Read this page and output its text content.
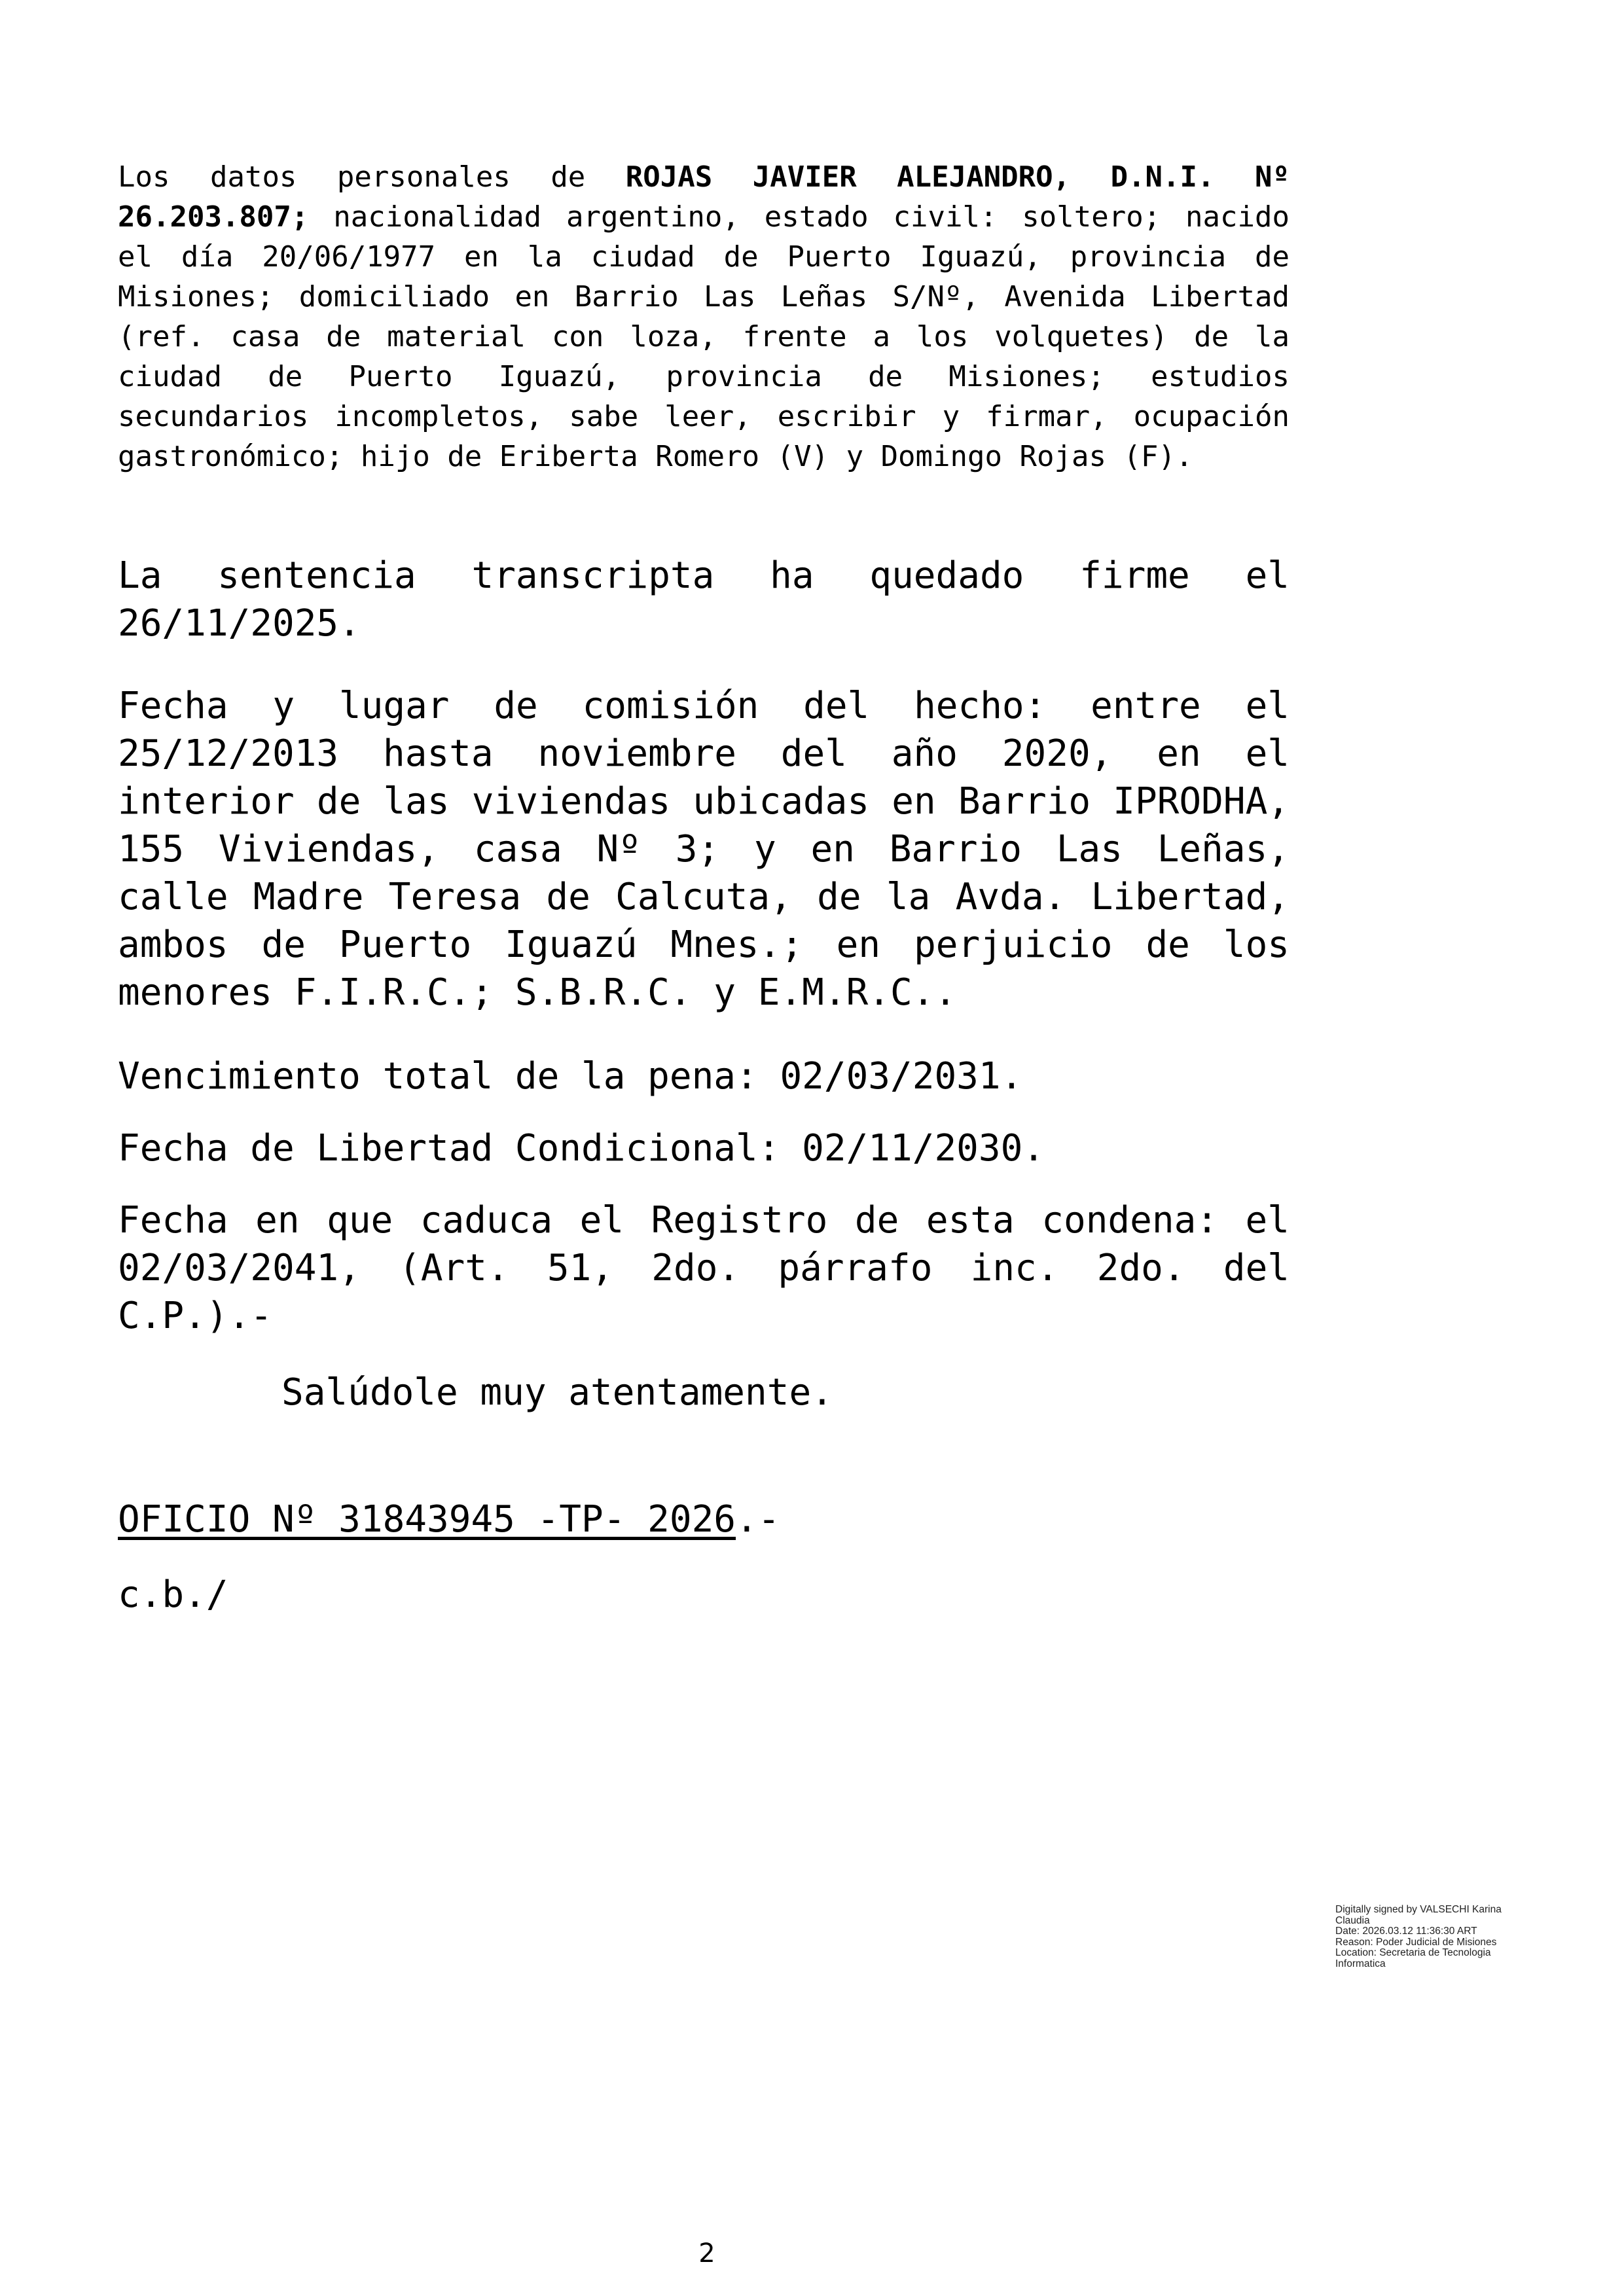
Los datos personales de ROJAS JAVIER ALEJANDRO, D.N.I. Nº 26.203.807; nacionalidad argentino, estado civil: soltero; nacido el día 20/06/1977 en la ciudad de Puerto Iguazú, provincia de Misiones; domiciliado en Barrio Las Leñas S/Nº, Avenida Libertad (ref. casa de material con loza, frente a los volquetes) de la ciudad de Puerto Iguazú, provincia de Misiones; estudios secundarios incompletos, sabe leer, escribir y firmar, ocupación gastronómico; hijo de Eriberta Romero (V) y Domingo Rojas (F).

La sentencia transcripta ha quedado firme el 26/11/2025.

Fecha y lugar de comisión del hecho: entre el 25/12/2013 hasta noviembre del año 2020, en el interior de las viviendas ubicadas en Barrio IPRODHA, 155 Viviendas, casa Nº 3; y en Barrio Las Leñas, calle Madre Teresa de Calcuta, de la Avda. Libertad, ambos de Puerto Iguazú Mnes.; en perjuicio de los menores F.I.R.C.; S.B.R.C. y E.M.R.C..

Vencimiento total de la pena: 02/03/2031.

Fecha de Libertad Condicional: 02/11/2030.

Fecha en que caduca el Registro de esta condena: el 02/03/2041, (Art. 51, 2do. párrafo inc. 2do. del C.P.).-

Salúdole muy atentamente.

OFICIO Nº 31843945 -TP- 2026.-

c.b./

Digitally signed by VALSECHI Karina
Claudia
Date: 2026.03.12 11:36:30 ART
Reason: Poder Judicial de Misiones
Location: Secretaria de Tecnologia
Informatica
2
